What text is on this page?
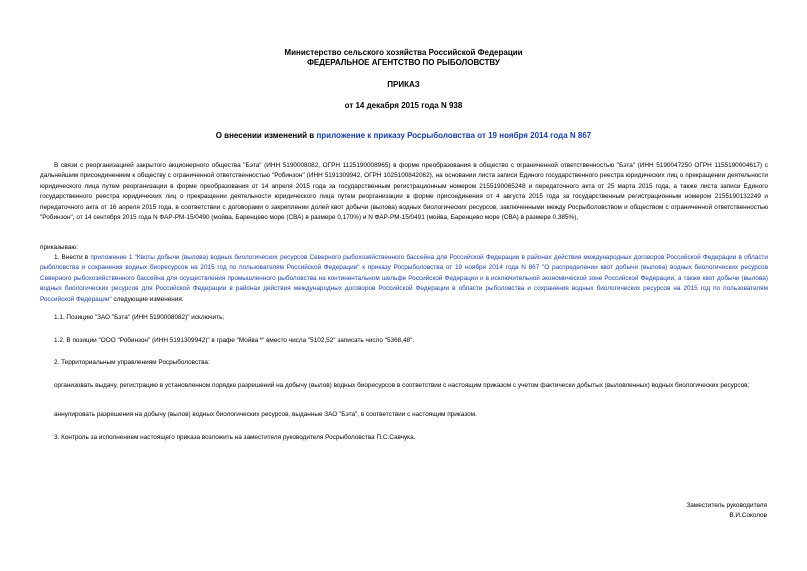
Министерство сельского хозяйства Российской Федерации
ФЕДЕРАЛЬНОЕ АГЕНТСТВО ПО РЫБОЛОВСТВУ
ПРИКАЗ
от 14 декабря 2015 года N 938
О внесении изменений в приложение к приказу Росрыболовства от 19 ноября 2014 года N 867

В связи с реорганизацией закрытого акционерного общества "Бэта" (ИНН 5190008082, ОГРН 1125190008965) в форме преобразования в общество с ограниченной ответственностью "Бэта" (ИНН 5190047250 ОГРН 1155190004617) с дальнейшим присоединением к обществу с ограниченной ответственностью "Робинзон" (ИНН 5191309942, ОГРН 1025100842062), на основании листа записи Единого государственного реестра юридических лиц о прекращении деятельности юридического лица путем реорганизации в форме преобразования от 14 апреля 2015 года за государственным регистрационным номером 2155190065248 и передаточного акта от 25 марта 2015 года, а также листа записи Единого государственного реестра юридических лиц о прекращении деятельности юридического лица путем реорганизации в форме присоединения от 4 августа 2015 года за государственным регистрационным номером 2155190132249 и передаточного акта от 16 апреля 2015 года, в соответствии с договорами о закреплении долей квот добычи (вылова) водных биологических ресурсов, заключенными между Росрыболовством и обществом с ограниченной ответственностью "Робинзон", от 14 сентября 2015 года N ФАР-РМ-15/0490 (мойва, Баренцево море (СВА) в размере 0,170%) и N ФАР-РМ-15/0491 (мойва, Баренцево море (СВА) в размере 0,385%),

приказываю:

1. Внести в приложение 1 "Квоты добычи (вылова) водных биологических ресурсов Северного рыбохозяйственного бассейна для Российской Федерации в районах действия международных договоров Российской Федерации в области рыболовства и сохранения водных биоресурсов на 2015 год по пользователям Российской Федерации" к приказу Росрыболовства от 19 ноября 2014 года N 867 "О распределении квот добычи (вылова) водных биологических ресурсов Северного рыбохозяйственного бассейна для осуществления промышленного рыболовства на континентальном шельфе Российской Федерации и в исключительной экономической зоне Российской Федерации, а также квот добычи (вылова) водных биологических ресурсов для Российской Федерации в районах действия международных договоров Российской Федерации в области рыболовства и сохранения водных биологических ресурсов на 2015 год по пользователям Российской Федерации" следующие изменения:

1.1. Позицию "ЗАО "Бэта" (ИНН 5190008082)" исключить;

1.2. В позиции "ООО "Робинзон" (ИНН 5191309942)" в графе "Мойва *" вместо числа "5102,52" записать число "5368,48".

2. Территориальным управлениям Росрыболовства:

организовать выдачу, регистрацию в установленном порядке разрешений на добычу (вылов) водных биоресурсов в соответствии с настоящим приказом с учетом фактически добытых (выловленных) водных биологических ресурсов;

аннулировать разрешения на добычу (вылов) водных биологических ресурсов, выданные ЗАО "Бэта", в соответствии с настоящим приказом.

3. Контроль за исполнением настоящего приказа возложить на заместителя руководителя Росрыболовства П.С.Савчука.

Заместитель руководителя
В.И.Соколов
